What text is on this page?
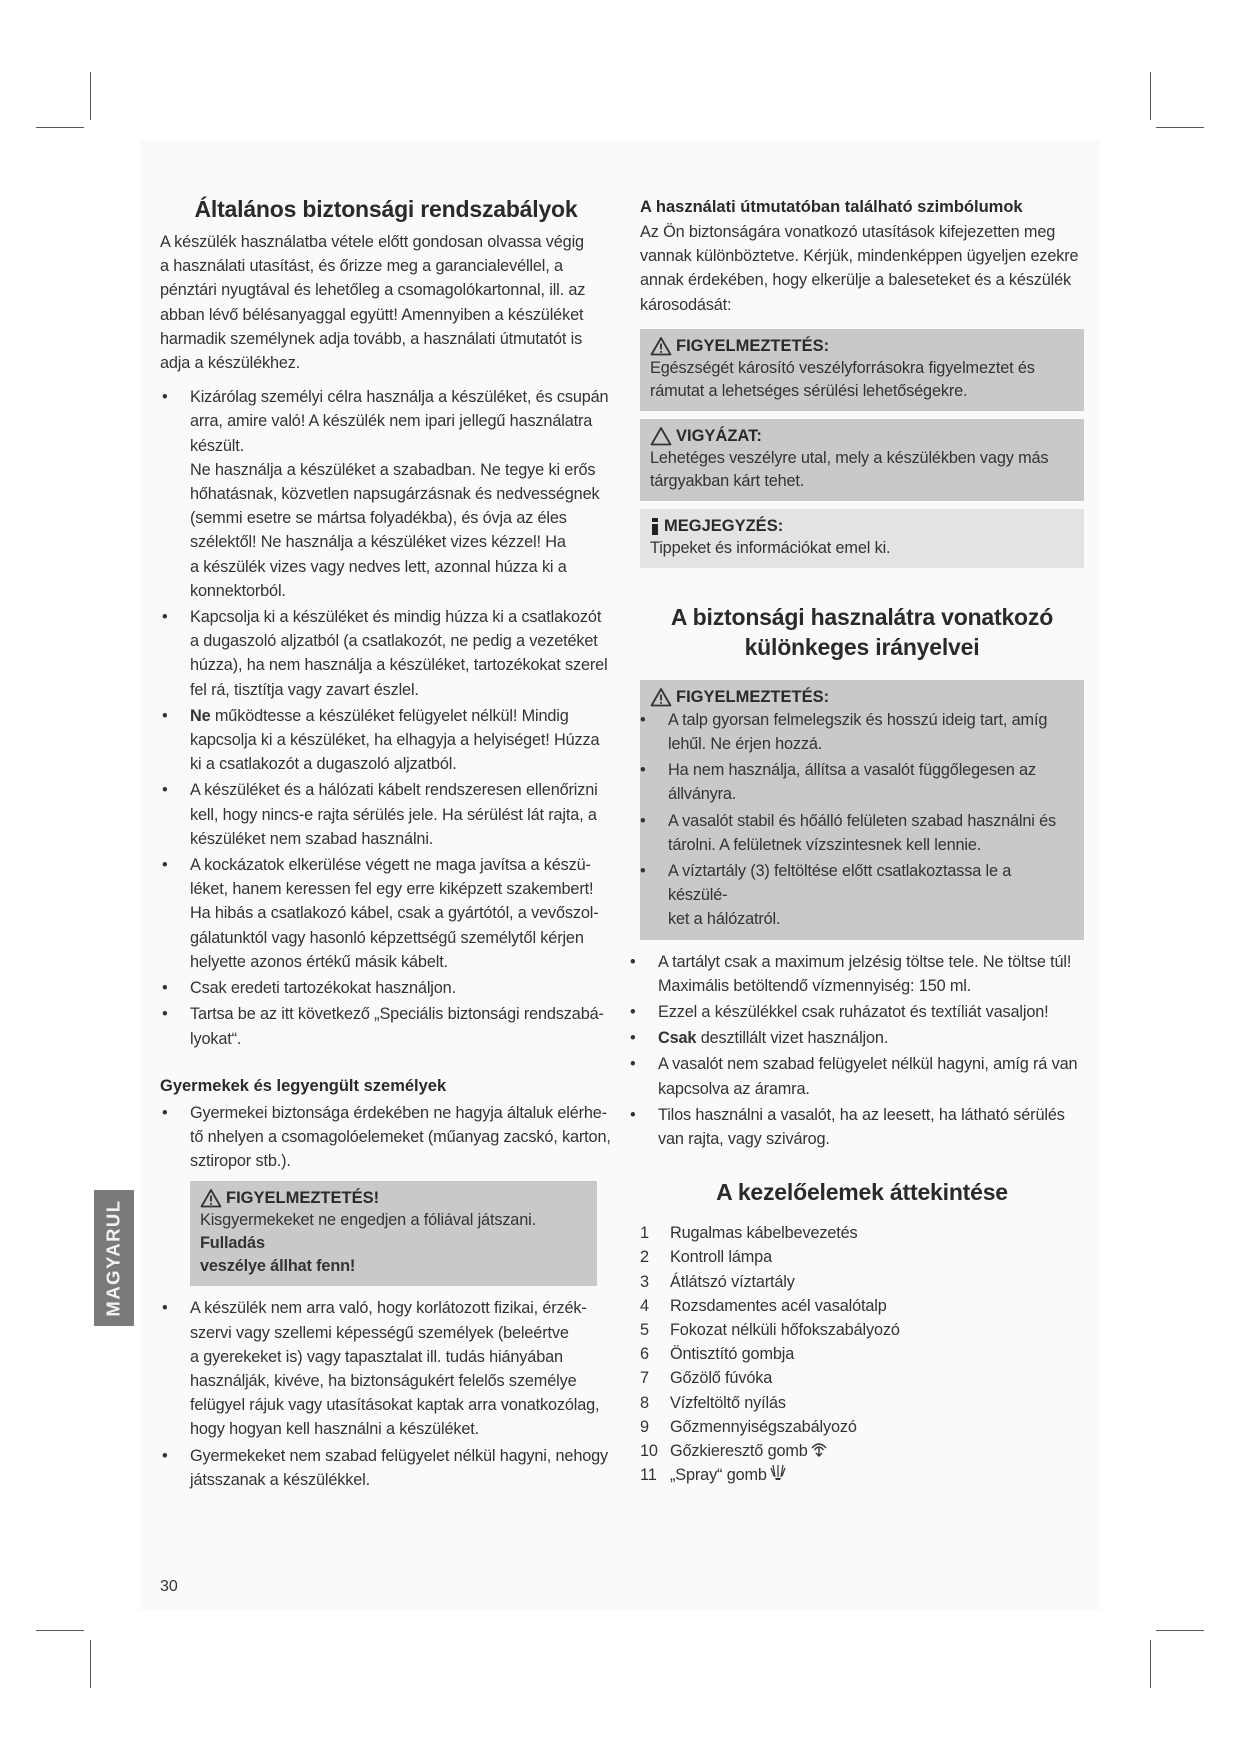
MAGYARUL
Általános biztonsági rendszabályok

A készülék használatba vétele előtt gondosan olvassa végig
a használati utasítást, és őrizze meg a garancialevéllel, a
pénztári nyugtával és lehetőleg a csomagolókartonnal, ill. az
abban lévő bélésanyaggal együtt! Amennyiben a készüléket
harmadik személynek adja tovább, a használati útmutatót is
adja a készülékhez.

• Kizárólag személyi célra használja a készüléket, és csupán
arra, amire való! A készülék nem ipari jellegű használatra
készült.
Ne használja a készüléket a szabadban. Ne tegye ki erős
hőhatásnak, közvetlen napsugárzásnak és nedvességnek
(semmi esetre se mártsa folyadékba), és óvja az éles
szélektől! Ne használja a készüléket vizes kézzel! Ha
a készülék vizes vagy nedves lett, azonnal húzza ki a
konnektorból.
• Kapcsolja ki a készüléket és mindig húzza ki a csatlakozót
a dugaszoló aljzatból (a csatlakozót, ne pedig a vezetéket
húzza), ha nem használja a készüléket, tartozékokat szerel
fel rá, tisztítja vagy zavart észlel.
• Ne működtesse a készüléket felügyelet nélkül! Mindig
kapcsolja ki a készüléket, ha elhagyja a helyiséget! Húzza
ki a csatlakozót a dugaszoló aljzatból.
• A készüléket és a hálózati kábelt rendszeresen ellenőrizni
kell, hogy nincs-e rajta sérülés jele. Ha sérülést lát rajta, a
készüléket nem szabad használni.
• A kockázatok elkerülése végett ne maga javítsa a készü-
léket, hanem keressen fel egy erre kiképzett szakembert!
Ha hibás a csatlakozó kábel, csak a gyártótól, a vevőszol-
gálatunktól vagy hasonló képzettségű személytől kérjen
helyette azonos értékű másik kábelt.
• Csak eredeti tartozékokat használjon.
• Tartsa be az itt következő „Speciális biztonsági rendszabá-
lyokat“.
Gyermekek és legyengült személyek
• Gyermekei biztonsága érdekében ne hagyja általuk elérhe-
tő nhelyen a csomagolóelemeket (műanyag zacskó, karton,
sztiropor stb.).
FIGYELMEZTETÉS!

Kisgyermekeket ne engedjen a fóliával játszani. Fulladás
veszélye állhat fenn!

• A készülék nem arra való, hogy korlátozott fizikai, érzék-
szervi vagy szellemi képességű személyek (beleértve
a gyerekeket is) vagy tapasztalat ill. tudás hiányában
használják, kivéve, ha biztonságukért felelős személye
felügyel rájuk vagy utasításokat kaptak arra vonatkozólag,
hogy hogyan kell használni a készüléket.
• Gyermekeket nem szabad felügyelet nélkül hagyni, nehogy
játsszanak a készülékkel.
A használati útmutatóban található szimbólumok

Az Ön biztonságára vonatkozó utasítások kifejezetten meg
vannak különböztetve. Kérjük, mindenképpen ügyeljen ezekre
annak érdekében, hogy elkerülje a baleseteket és a készülék
károsodását:

FIGYELMEZTETÉS:

Egészségét károsító veszélyforrásokra figyelmeztet és
rámutat a lehetséges sérülési lehetőségekre.

VIGYÁZAT:

Lehetéges veszélyre utal, mely a készülékben vagy más
tárgyakban kárt tehet.

MEGJEGYZÉS:

Tippeket és információkat emel ki.

A biztonsági hasznalátra vonatkozó
különkeges irányelvei
FIGYELMEZTETÉS:
• A talp gyorsan felmelegszik és hosszú ideig tart, amíg
lehűl. Ne érjen hozzá.
• Ha nem használja, állítsa a vasalót függőlegesen az
állványra.
• A vasalót stabil és hőálló felületen szabad használni és
tárolni. A felületnek vízszintesnek kell lennie.
• A víztartály (3) feltöltése előtt csatlakoztassa le a készülé-
ket a hálózatról.
• A tartályt csak a maximum jelzésig töltse tele. Ne töltse túl!
Maximális betöltendő vízmennyiség: 150 ml.
• Ezzel a készülékkel csak ruházatot és textíliát vasaljon!
• Csak desztillált vizet használjon.
• A vasalót nem szabad felügyelet nélkül hagyni, amíg rá van
kapcsolva az áramra.
• Tilos használni a vasalót, ha az leesett, ha látható sérülés
van rajta, vagy szivárog.
A kezelőelemek áttekintése
1	Rugalmas kábelbevezetés
2	Kontroll lámpa
3	Átlátszó víztartály
4	Rozsdamentes acél vasalótalp
5	Fokozat nélküli hőfokszabályozó
6	Öntisztító gombja
7	Gőzölő fúvóka
8	Vízfeltöltő nyílás
9	Gőzmennyiségszabályozó
10 Gőzkieresztő gomb
11 „Spray“ gomb
30
